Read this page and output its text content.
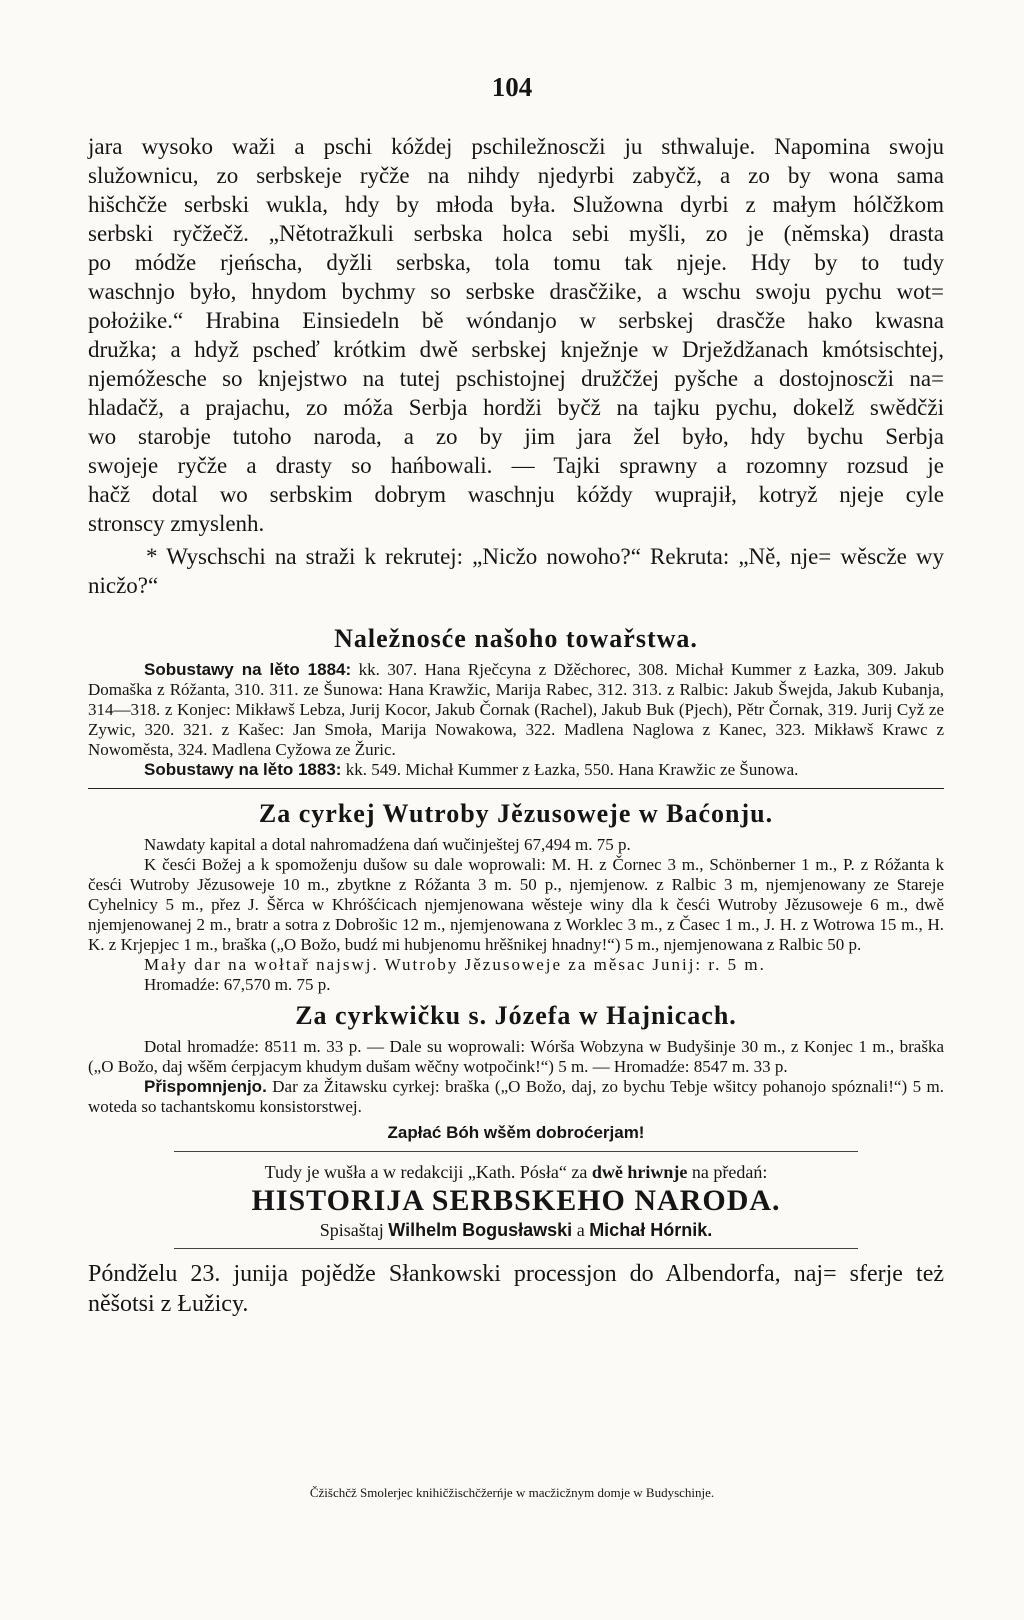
104
jara wysoko waži a pschi kóždej pschiležnoscži ju sthwaluje. Napomina swoju
služownicu, zo serbskeje ryčže na nihdy njedyrbi zabyčž, a zo by wona sama
hišchčže serbski wukla, hdy by młoda była. Služowna dyrbi z małym hólčžkom
serbski ryčžečž. „Nětotražkuli serbska holca sebi myšli, zo je (němska) drasta
po módže rjeńscha, dyžli serbska, tola tomu tak njeje. Hdy by to tudy
waschnjo było, hnydom bychmy so serbske drasčžike, a wschu swoju pychu wot=
położike.“ Hrabina Einsiedeln bě wóndanjo w serbskej drasčže hako kwasna
družka; a hdyž pscheď krótkim dwě serbskej knježnje w Drježdžanach kmótsischtej,
njemóžesche so knjejstwo na tutej pschistojnej družčžej pyšche a dostojnoscži na=
hladačž, a prajachu, zo móža Serbja hordži byčž na tajku pychu, dokelž swědčži
wo starobje tutoho naroda, a zo by jim jara žel było, hdy bychu Serbja
swojeje ryčže a drasty so hańbowali. — Tajki sprawny a rozomny rozsud je
hačž dotal wo serbskim dobrym waschnju kóždy wuprajił, kotryž njeje cyle
stronscy zmyslenh.

* Wyschschi na straži k rekrutej: „Nicžo nowoho?“ Rekruta: „Ně, nje= wěscže wy nicžo?“

Naležnosće našoho towařstwa.

Sobustawy na lěto 1884: kk. 307. Hana Rječcyna z Džěchorec, 308. Michał Kummer z Łazka, 309. Jakub Domaška z Róžanta, 310. 311. ze Šunowa: Hana Krawžic, Marija Rabec, 312. 313. z Ralbic: Jakub Šwejda, Jakub Kubanja, 314—318. z Konjec: Mikławš Lebza, Jurij Kocor, Jakub Čornak (Rachel), Jakub Buk (Pjech), Pětr Čornak, 319. Jurij Cyž ze Zywic, 320. 321. z Kašec: Jan Smoła, Marija Nowakowa, 322. Madlena Naglowa z Kanec, 323. Mikławš Krawc z Nowoměsta, 324. Madlena Cyžowa ze Žuric.

Sobustawy na lěto 1883: kk. 549. Michał Kummer z Łazka, 550. Hana Krawžic ze Šunowa.

Za cyrkej Wutroby Jězusoweje w Baćonju.

Nawdaty kapital a dotal nahromadźena dań wučinještej 67,494 m. 75 p.

K česći Božej a k spomoženju dušow su dale woprowali: M. H. z Čornec 3 m., Schönberner 1 m., P. z Róžanta k česći Wutroby Jězusoweje 10 m., zbytkne z Róžanta 3 m. 50 p., njemjenow. z Ralbic 3 m, njemjenowany ze Stareje Cyhelnicy 5 m., přez J. Šěrca w Khróšćicach njemjenowana wěsteje winy dla k česći Wutroby Jězusoweje 6 m., dwě njemjenowanej 2 m., bratr a sotra z Dobrošic 12 m., njemjenowana z Worklec 3 m., z Časec 1 m., J. H. z Wotrowa 15 m., H. K. z Krjepjec 1 m., braška („O Božo, budź mi hubjenomu hrěšnikej hnadny!“) 5 m., njemjenowana z Ralbic 50 p.

Mały dar na wołtař najswj. Wutroby Jězusoweje za měsac Junij: r. 5 m.

Hromadźe: 67,570 m. 75 p.

Za cyrkwičku s. Józefa w Hajnicach.

Dotal hromadźe: 8511 m. 33 p. — Dale su woprowali: Wórša Wobzyna w Budyšinje 30 m., z Konjec 1 m., braška („O Božo, daj wšěm ćerpjacym khudym dušam wěčny wotpočink!“) 5 m. — Hromadźe: 8547 m. 33 p.

Přispomnjenjo. Dar za Žitawsku cyrkej: braška („O Božo, daj, zo bychu Tebje wšitcy pohanojo spóznali!“) 5 m. woteda so tachantskomu konsistorstwej.

Zapłać Bóh wšěm dobroćerjam!

Tudy je wušła a w redakciji „Kath. Pósła“ za dwě hriwnje na předań:

HISTORIJA SERBSKEHO NARODA.

Spisaštaj Wilhelm Bogusławski a Michał Hórnik.

Póndželu 23. junija pojědže Słankowski processjon do Albendorfa, naj= sferje też něšotsi z Łužicy.

Čžišchčž Smolerjec knihičžischčžerńje w macžicžnym domje w Budyschinje.
